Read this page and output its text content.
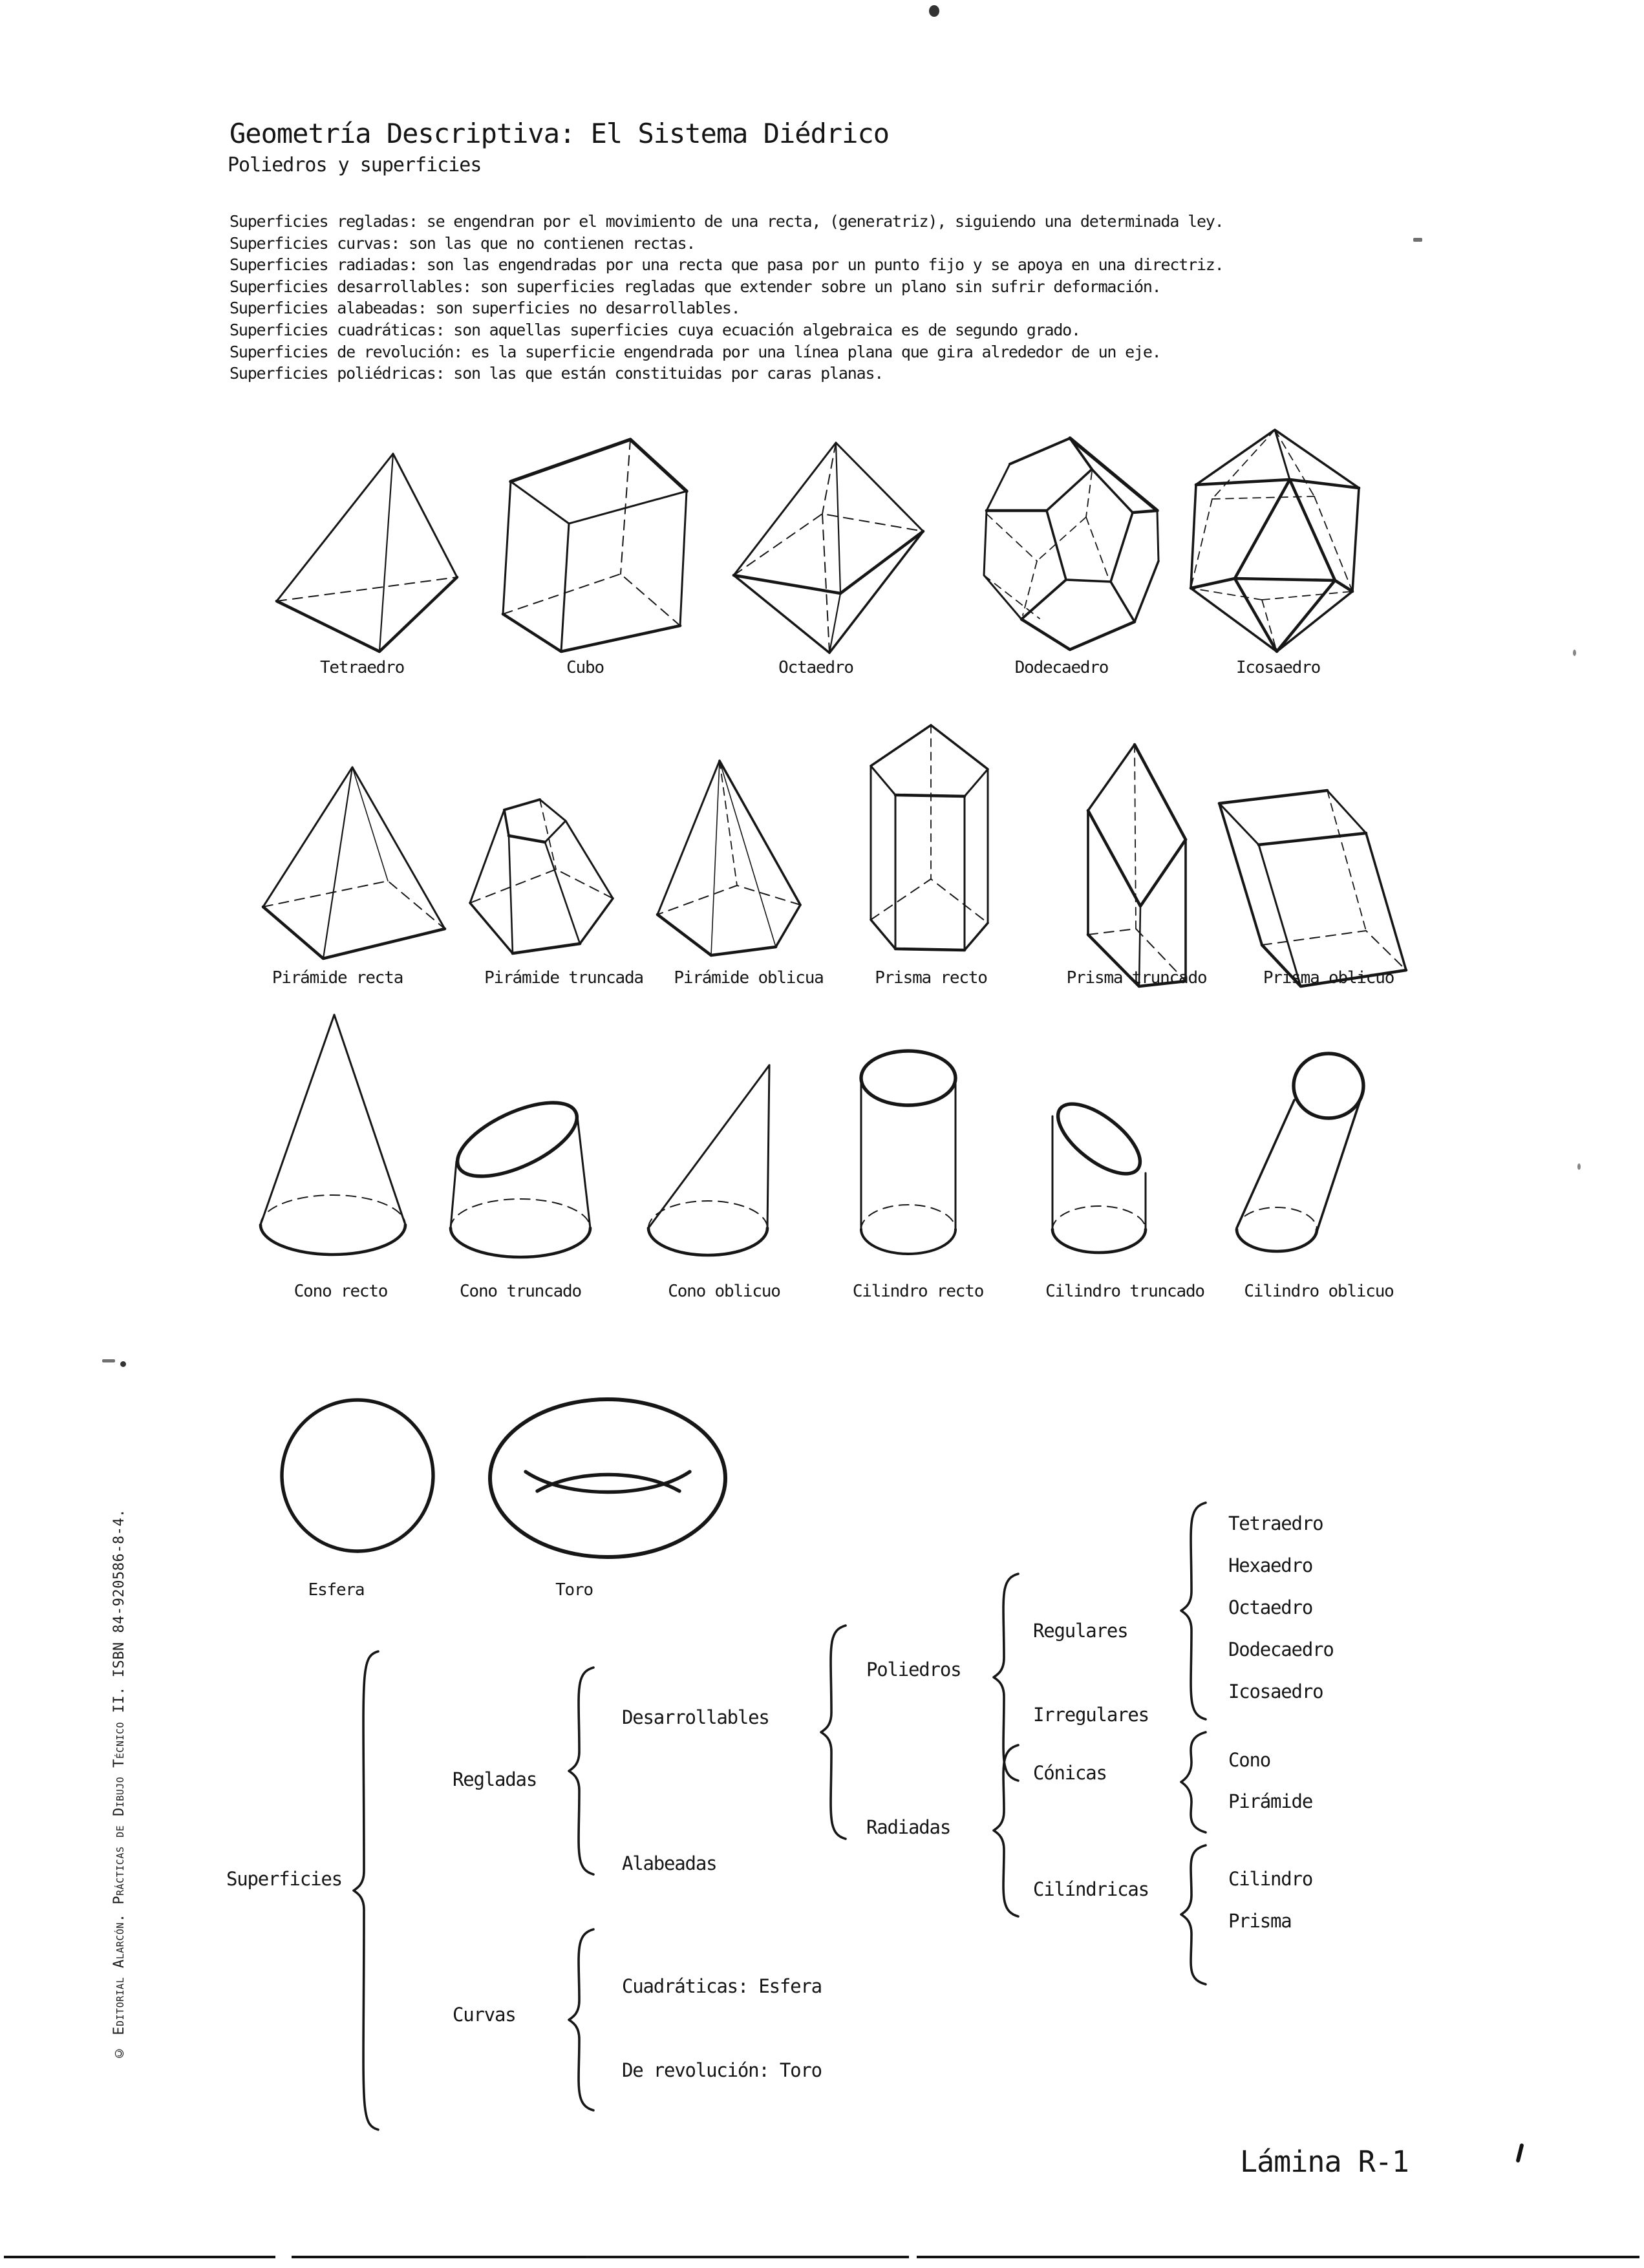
Geometría Descriptiva: El Sistema Diédrico
Poliedros y superficies
Superficies regladas: se engendran por el movimiento de una recta, (generatriz), siguiendo una determinada ley.
Superficies curvas: son las que no contienen rectas.
Superficies radiadas: son las engendradas por una recta que pasa por un punto fijo y se apoya en una directriz.
Superficies desarrollables: son superficies regladas que extender sobre un plano sin sufrir deformación.
Superficies alabeadas: son superficies no desarrollables.
Superficies cuadráticas: son aquellas superficies cuya ecuación algebraica es de segundo grado.
Superficies de revolución: es la superficie engendrada por una línea plana que gira alrededor de un eje.
Superficies poliédricas: son las que están constituidas por caras planas.
Tetraedro	Cubo	Octaedro	Dodecaedro	Icosaedro
Pirámide recta	Pirámide truncada Pirámide oblicua	Prisma recto	Prisma truncado	Prisma oblicuo
Cono recto	Cono truncado	Cono oblicuo	Cilindro recto	Cilindro truncado Cilindro oblicuo
Esfera	Toro
Superficies
Regladas
Curvas
Desarrollables
Alabeadas
Cuadráticas: Esfera
De revolución: Toro
Poliedros
Radiadas
Regulares
Irregulares
Cónicas
Cilíndricas
Tetraedro
Hexaedro
Octaedro
Dodecaedro
Icosaedro
Cono
Pirámide
Cilindro
Prisma
© Editorial Alarcón. Prácticas de Dibujo Técnico II. ISBN 84-920586-8-4.
Lámina R-1
